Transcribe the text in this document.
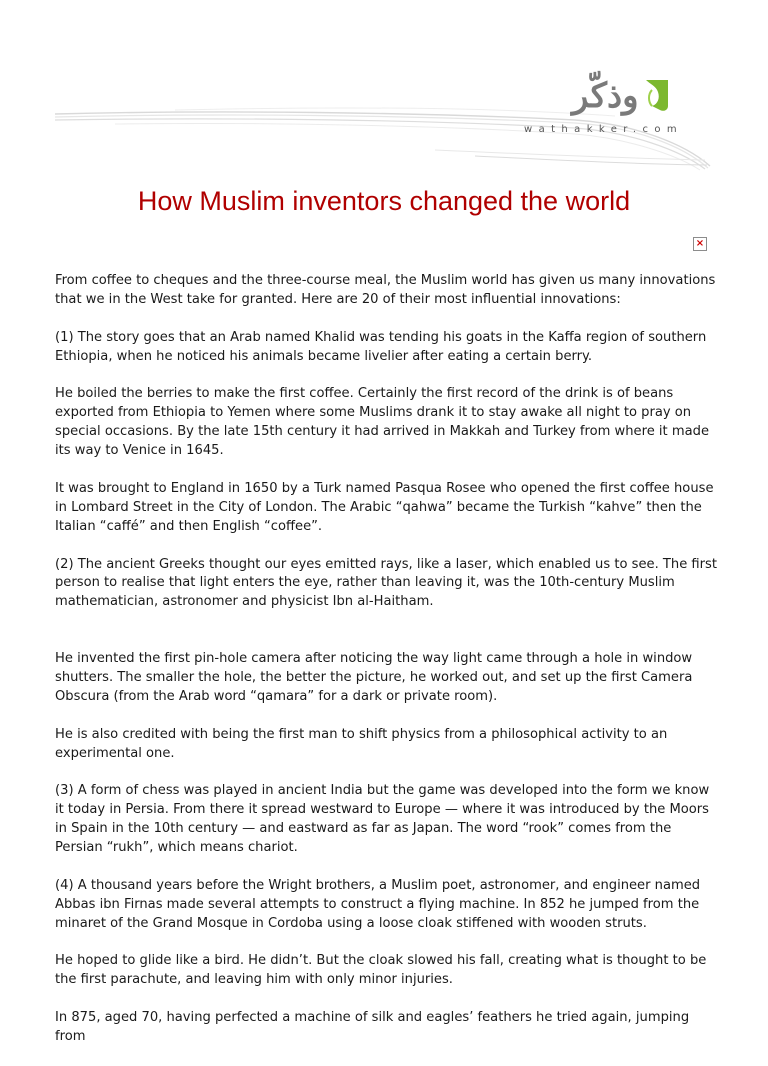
وذكّر
wathakker.com
How Muslim inventors changed the world
×

From coffee to cheques and the three-course meal, the Muslim world has given us many innovations that we in the West take for granted. Here are 20 of their most influential innovations:

(1) The story goes that an Arab named Khalid was tending his goats in the Kaffa region of southern Ethiopia, when he noticed his animals became livelier after eating a certain berry.

He boiled the berries to make the first coffee. Certainly the first record of the drink is of beans exported from Ethiopia to Yemen where some Muslims drank it to stay awake all night to pray on special occasions. By the late 15th century it had arrived in Makkah and Turkey from where it made its way to Venice in 1645.

It was brought to England in 1650 by a Turk named Pasqua Rosee who opened the first coffee house in Lombard Street in the City of London. The Arabic “qahwa” became the Turkish “kahve” then the Italian “caffé” and then English “coffee”.

(2) The ancient Greeks thought our eyes emitted rays, like a laser, which enabled us to see. The first person to realise that light enters the eye, rather than leaving it, was the 10th-century Muslim mathematician, astronomer and physicist Ibn al-Haitham.

He invented the first pin-hole camera after noticing the way light came through a hole in window shutters. The smaller the hole, the better the picture, he worked out, and set up the first Camera Obscura (from the Arab word “qamara” for a dark or private room).

He is also credited with being the first man to shift physics from a philosophical activity to an experimental one.

(3) A form of chess was played in ancient India but the game was developed into the form we know it today in Persia. From there it spread westward to Europe — where it was introduced by the Moors in Spain in the 10th century — and eastward as far as Japan. The word “rook” comes from the Persian “rukh”, which means chariot.

(4) A thousand years before the Wright brothers, a Muslim poet, astronomer, and engineer named Abbas ibn Firnas made several attempts to construct a flying machine. In 852 he jumped from the minaret of the Grand Mosque in Cordoba using a loose cloak stiffened with wooden struts.

He hoped to glide like a bird. He didn’t. But the cloak slowed his fall, creating what is thought to be the first parachute, and leaving him with only minor injuries.

In 875, aged 70, having perfected a machine of silk and eagles’ feathers he tried again, jumping from
